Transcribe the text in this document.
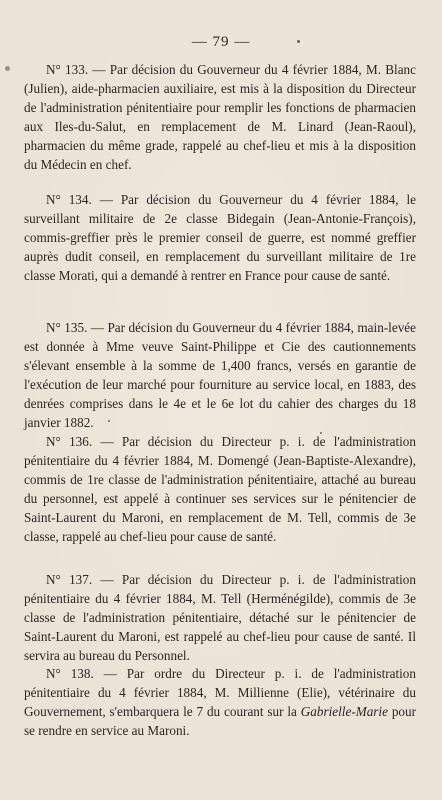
— 79 —
N° 133. — Par décision du Gouverneur du 4 février 1884, M. Blanc (Julien), aide-pharmacien auxiliaire, est mis à la disposition du Directeur de l'administration pénitentiaire pour remplir les fonctions de pharmacien aux Iles-du-Salut, en remplacement de M. Linard (Jean-Raoul), pharmacien du même grade, rappelé au chef-lieu et mis à la disposition du Médecin en chef.
N° 134. — Par décision du Gouverneur du 4 février 1884, le surveillant militaire de 2e classe Bidegain (Jean-Antonie-François), commis-greffier près le premier conseil de guerre, est nommé greffier auprès dudit conseil, en remplacement du surveillant militaire de 1re classe Morati, qui a demandé à rentrer en France pour cause de santé.
N° 135. — Par décision du Gouverneur du 4 février 1884, main-levée est donnée à Mme veuve Saint-Philippe et Cie des cautionnements s'élevant ensemble à la somme de 1,400 francs, versés en garantie de l'exécution de leur marché pour fourniture au service local, en 1883, des denrées comprises dans le 4e et le 6e lot du cahier des charges du 18 janvier 1882.
N° 136. — Par décision du Directeur p. i. de l'administration pénitentiaire du 4 février 1884, M. Domengé (Jean-Baptiste-Alexandre), commis de 1re classe de l'administration pénitentiaire, attaché au bureau du personnel, est appelé à continuer ses services sur le pénitencier de Saint-Laurent du Maroni, en remplacement de M. Tell, commis de 3e classe, rappelé au chef-lieu pour cause de santé.
N° 137. — Par décision du Directeur p. i. de l'administration pénitentiaire du 4 février 1884, M. Tell (Herménégilde), commis de 3e classe de l'administration pénitentiaire, détaché sur le pénitencier de Saint-Laurent du Maroni, est rappelé au chef-lieu pour cause de santé. Il servira au bureau du Personnel.
N° 138. — Par ordre du Directeur p. i. de l'administration pénitentiaire du 4 février 1884, M. Millienne (Elie), vétérinaire du Gouvernement, s'embarquera le 7 du courant sur la Gabrielle-Marie pour se rendre en service au Maroni.
